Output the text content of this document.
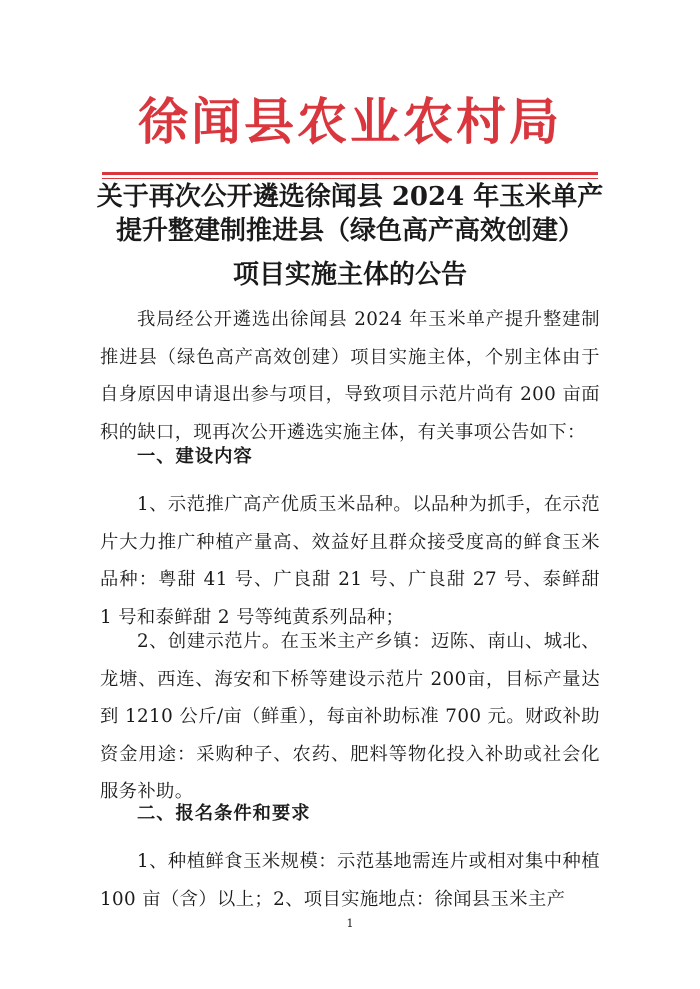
徐闻县农业农村局
关于再次公开遴选徐闻县 2024 年玉米单产
提升整建制推进县（绿色高产高效创建）
项目实施主体的公告
我局经公开遴选出徐闻县 2024 年玉米单产提升整建制推进县（绿色高产高效创建）项目实施主体，个别主体由于自身原因申请退出参与项目，导致项目示范片尚有 200 亩面积的缺口，现再次公开遴选实施主体，有关事项公告如下：
一、建设内容
1、示范推广高产优质玉米品种。以品种为抓手，在示范片大力推广种植产量高、效益好且群众接受度高的鲜食玉米品种：粤甜 41 号、广良甜 21 号、广良甜 27 号、泰鲜甜 1 号和泰鲜甜 2 号等纯黄系列品种；
2、创建示范片。在玉米主产乡镇：迈陈、南山、城北、龙塘、西连、海安和下桥等建设示范片 200亩，目标产量达到 1210 公斤/亩（鲜重），每亩补助标准 700 元。财政补助资金用途：采购种子、农药、肥料等物化投入补助或社会化服务补助。
二、报名条件和要求
1、种植鲜食玉米规模：示范基地需连片或相对集中种植 100 亩（含）以上；2、项目实施地点：徐闻县玉米主产
1
